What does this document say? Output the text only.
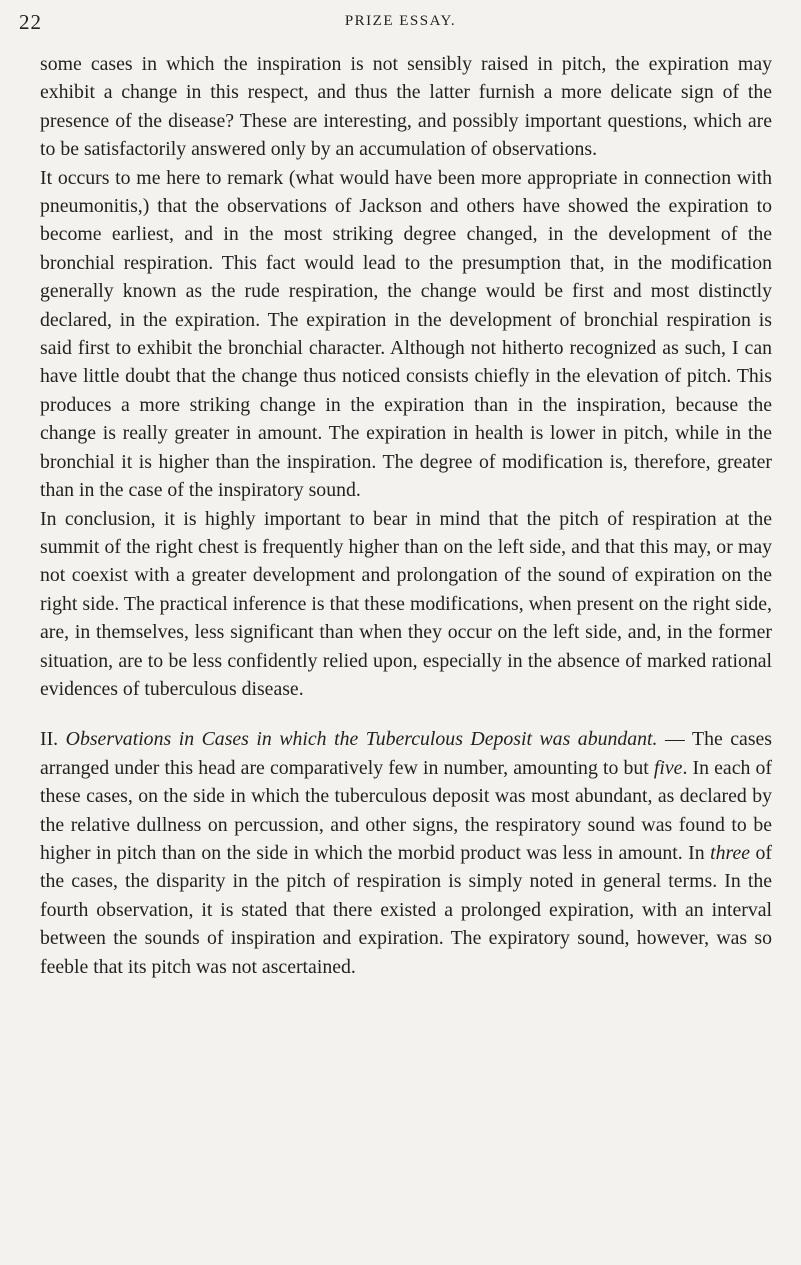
22	PRIZE ESSAY.

some cases in which the inspiration is not sensibly raised in pitch, the expiration may exhibit a change in this respect, and thus the latter furnish a more delicate sign of the presence of the disease? These are interesting, and possibly important questions, which are to be satisfactorily answered only by an accumulation of observations.

It occurs to me here to remark (what would have been more appropriate in connection with pneumonitis,) that the observations of Jackson and others have showed the expiration to become earliest, and in the most striking degree changed, in the development of the bronchial respiration. This fact would lead to the presumption that, in the modification generally known as the rude respiration, the change would be first and most distinctly declared, in the expiration. The expiration in the development of bronchial respiration is said first to exhibit the bronchial character. Although not hitherto recognized as such, I can have little doubt that the change thus noticed consists chiefly in the elevation of pitch. This produces a more striking change in the expiration than in the inspiration, because the change is really greater in amount. The expiration in health is lower in pitch, while in the bronchial it is higher than the inspiration. The degree of modification is, therefore, greater than in the case of the inspiratory sound.

In conclusion, it is highly important to bear in mind that the pitch of respiration at the summit of the right chest is frequently higher than on the left side, and that this may, or may not coexist with a greater development and prolongation of the sound of expiration on the right side. The practical inference is that these modifications, when present on the right side, are, in themselves, less significant than when they occur on the left side, and, in the former situation, are to be less confidently relied upon, especially in the absence of marked rational evidences of tuberculous disease.

II. Observations in Cases in which the Tuberculous Deposit was abundant. — The cases arranged under this head are comparatively few in number, amounting to but five. In each of these cases, on the side in which the tuberculous deposit was most abundant, as declared by the relative dullness on percussion, and other signs, the respiratory sound was found to be higher in pitch than on the side in which the morbid product was less in amount. In three of the cases, the disparity in the pitch of respiration is simply noted in general terms. In the fourth observation, it is stated that there existed a prolonged expiration, with an interval between the sounds of inspiration and expiration. The expiratory sound, however, was so feeble that its pitch was not ascertained.
